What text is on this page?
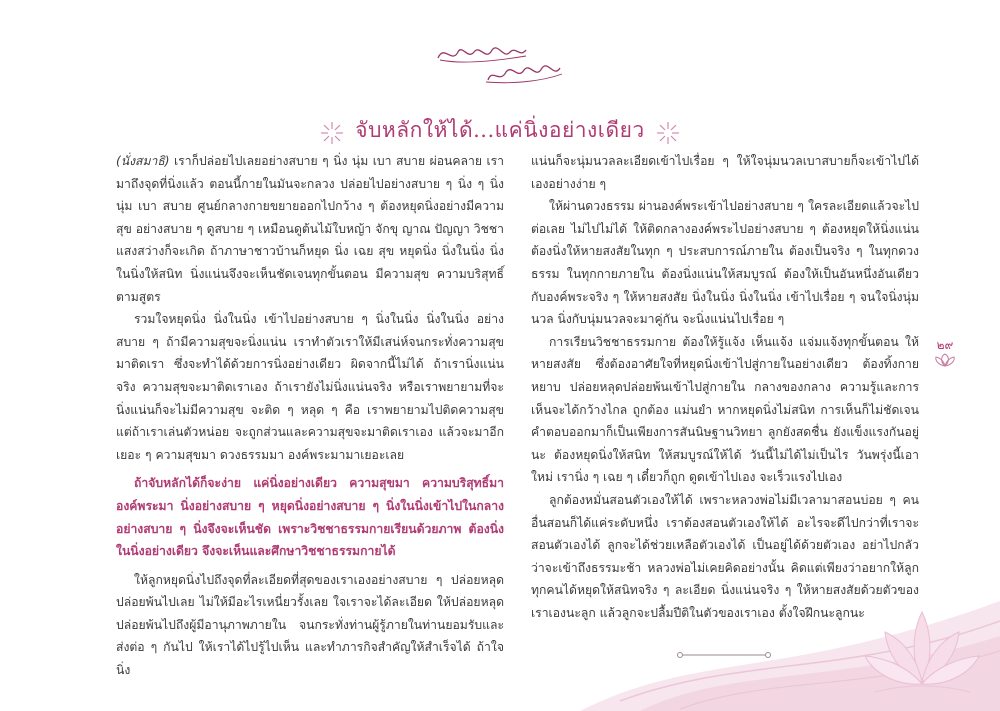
จับหลักให้ได้...แค่นิ่งอย่างเดียว

(นั่งสมาธิ) เราก็ปล่อยไปเลยอย่างสบาย ๆ นิ่ง นุ่ม เบา สบาย ผ่อนคลาย เรามาถึงจุดที่นิ่งแล้ว ตอนนี้กายในมันจะกลวง ปล่อยไปอย่างสบาย ๆ นิ่ง ๆ นิ่ง นุ่ม เบา สบาย ศูนย์กลางกายขยายออกไปกว้าง ๆ ต้องหยุดนิ่งอย่างมีความสุข อย่างสบาย ๆ ดูสบาย ๆ เหมือนดูต้นไม้ใบหญ้า จักขุ ญาณ ปัญญา วิชชา แสงสว่างก็จะเกิด ถ้าภาษาชาวบ้านก็หยุด นิ่ง เฉย สุข หยุดนิ่ง นิ่งในนิ่ง นิ่งในนิ่งให้สนิท นิ่งแน่นจึงจะเห็นชัดเจนทุกขั้นตอน มีความสุข ความบริสุทธิ์ ตามสูตร

รวมใจหยุดนิ่ง นิ่งในนิ่ง เข้าไปอย่างสบาย ๆ นิ่งในนิ่ง นิ่งในนิ่ง อย่างสบาย ๆ ถ้ามีความสุขจะนิ่งแน่น เราทำตัวเราให้มีเสน่ห์จนกระทั่งความสุขมาติดเรา ซึ่งจะทำได้ด้วยการนิ่งอย่างเดียว ผิดจากนี้ไม่ได้ ถ้าเรานิ่งแน่นจริง ความสุขจะมาติดเราเอง ถ้าเรายังไม่นิ่งแน่นจริง หรือเราพยายามที่จะนิ่งแน่นก็จะไม่มีความสุข จะติด ๆ หลุด ๆ คือ เราพยายามไปติดความสุข แต่ถ้าเราเล่นตัวหน่อย จะถูกส่วนและความสุขจะมาติดเราเอง แล้วจะมาอีกเยอะ ๆ ความสุขมา ดวงธรรมมา องค์พระมามาเยอะเลย

ถ้าจับหลักได้ก็จะง่าย แค่นิ่งอย่างเดียว ความสุขมา ความบริสุทธิ์มา องค์พระมา นิ่งอย่างสบาย ๆ หยุดนิ่งอย่างสบาย ๆ นิ่งในนิ่งเข้าไปในกลางอย่างสบาย ๆ นิ่งจึงจะเห็นชัด เพราะวิชชาธรรมกายเรียนด้วยภาพ ต้องนิ่งในนิ่งอย่างเดียว จึงจะเห็นและศึกษาวิชชาธรรมกายได้

ให้ลูกหยุดนิ่งไปถึงจุดที่ละเอียดที่สุดของเราเองอย่างสบาย ๆ ปล่อยหลุด ปล่อยพ้นไปเลย ไม่ให้มีอะไรเหนี่ยวรั้งเลย ใจเราจะได้ละเอียด ให้ปล่อยหลุด ปล่อยพ้นไปถึงผู้มีอานุภาพภายใน จนกระทั่งท่านผู้รู้ภายในท่านยอมรับและส่งต่อ ๆ กันไป ให้เราได้ไปรู้ไปเห็น และทำภารกิจสำคัญให้สำเร็จได้ ถ้าใจนิ่ง

แน่นก็จะนุ่มนวลละเอียดเข้าไปเรื่อย ๆ ให้ใจนุ่มนวลเบาสบายก็จะเข้าไปได้เองอย่างง่าย ๆ

ให้ผ่านดวงธรรม ผ่านองค์พระเข้าไปอย่างสบาย ๆ ใครละเอียดแล้วจะไปต่อเลย ไม่ไปไม่ได้ ให้ติดกลางองค์พระไปอย่างสบาย ๆ ต้องหยุดให้นิ่งแน่น ต้องนิ่งให้หายสงสัยในทุก ๆ ประสบการณ์ภายใน ต้องเป็นจริง ๆ ในทุกดวงธรรม ในทุกกายภายใน ต้องนิ่งแน่นให้สมบูรณ์ ต้องให้เป็นอันหนึ่งอันเดียวกับองค์พระจริง ๆ ให้หายสงสัย นิ่งในนิ่ง นิ่งในนิ่ง เข้าไปเรื่อย ๆ จนใจนิ่งนุ่มนวล นิ่งกับนุ่มนวลจะมาคู่กัน จะนิ่งแน่นไปเรื่อย ๆ

การเรียนวิชชาธรรมกาย ต้องให้รู้แจ้ง เห็นแจ้ง แจ่มแจ้งทุกขั้นตอน ให้หายสงสัย ซึ่งต้องอาศัยใจที่หยุดนิ่งเข้าไปสู่กายในอย่างเดียว ต้องทิ้งกายหยาบ ปล่อยหลุดปล่อยพ้นเข้าไปสู่กายใน กลางของกลาง ความรู้และการเห็นจะได้กว้างไกล ถูกต้อง แม่นยำ หากหยุดนิ่งไม่สนิท การเห็นก็ไม่ชัดเจน คำตอบออกมาก็เป็นเพียงการสันนิษฐานวิทยา ลูกยังสดชื่น ยังแข็งแรงกันอยู่นะ ต้องหยุดนิ่งให้สนิท ให้สมบูรณ์ให้ได้ วันนี้ไม่ได้ไม่เป็นไร วันพรุ่งนี้เอาใหม่ เรานิ่ง ๆ เฉย ๆ เดี๋ยวก็ถูก ดูดเข้าไปเอง จะเร็วแรงไปเอง

ลูกต้องหมั่นสอนตัวเองให้ได้ เพราะหลวงพ่อไม่มีเวลามาสอนบ่อย ๆ คนอื่นสอนก็ได้แค่ระดับหนึ่ง เราต้องสอนตัวเองให้ได้ อะไรจะดีไปกว่าที่เราจะสอนตัวเองได้ ลูกจะได้ช่วยเหลือตัวเองได้ เป็นอยู่ได้ด้วยตัวเอง อย่าไปกลัวว่าจะเข้าถึงธรรมะช้า หลวงพ่อไม่เคยคิดอย่างนั้น คิดแต่เพียงว่าอยากให้ลูกทุกคนได้หยุดให้สนิทจริง ๆ ละเอียด นิ่งแน่นจริง ๆ ให้หายสงสัยด้วยตัวของเราเองนะลูก แล้วลูกจะปลื้มปีติในตัวของเราเอง ตั้งใจฝึกนะลูกนะ

๒๙
